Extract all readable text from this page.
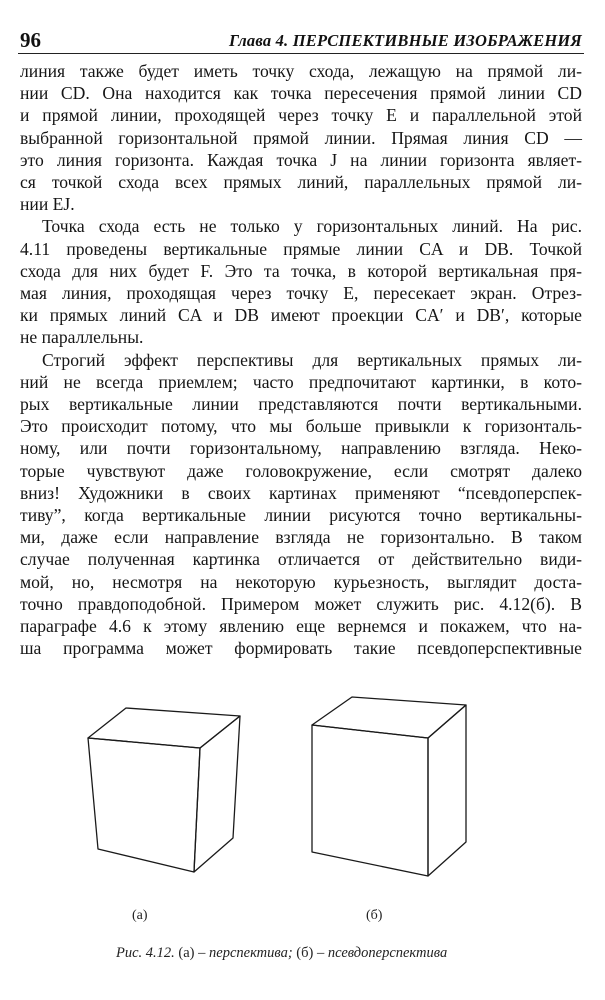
96	Глава 4. ПЕРСПЕКТИВНЫЕ ИЗОБРАЖЕНИЯ
линия также будет иметь точку схода, лежащую на прямой ли-
нии CD. Она находится как точка пересечения прямой линии CD
и прямой линии, проходящей через точку E и параллельной этой
выбранной горизонтальной прямой линии. Прямая линия CD —
это линия горизонта. Каждая точка J на линии горизонта являет-
ся точкой схода всех прямых линий, параллельных прямой ли-
нии EJ.
Точка схода есть не только у горизонтальных линий. На рис.
4.11 проведены вертикальные прямые линии CA и DB. Точкой
схода для них будет F. Это та точка, в которой вертикальная пря-
мая линия, проходящая через точку E, пересекает экран. Отрез-
ки прямых линий CA и DB имеют проекции CA′ и DB′, которые
не параллельны.
Строгий эффект перспективы для вертикальных прямых ли-
ний не всегда приемлем; часто предпочитают картинки, в кото-
рых вертикальные линии представляются почти вертикальными.
Это происходит потому, что мы больше привыкли к горизонталь-
ному, или почти горизонтальному, направлению взгляда. Неко-
торые чувствуют даже головокружение, если смотрят далеко
вниз! Художники в своих картинах применяют “псевдоперспек-
тиву”, когда вертикальные линии рисуются точно вертикальны-
ми, даже если направление взгляда не горизонтально. В таком
случае полученная картинка отличается от действительно види-
мой, но, несмотря на некоторую курьезность, выглядит доста-
точно правдоподобной. Примером может служить рис. 4.12(б). В
параграфе 4.6 к этому явлению еще вернемся и покажем, что на-
ша программа может формировать такие псевдоперспективные
(а)	(б)
Рис. 4.12. (а) – перспектива; (б) – псевдоперспектива
